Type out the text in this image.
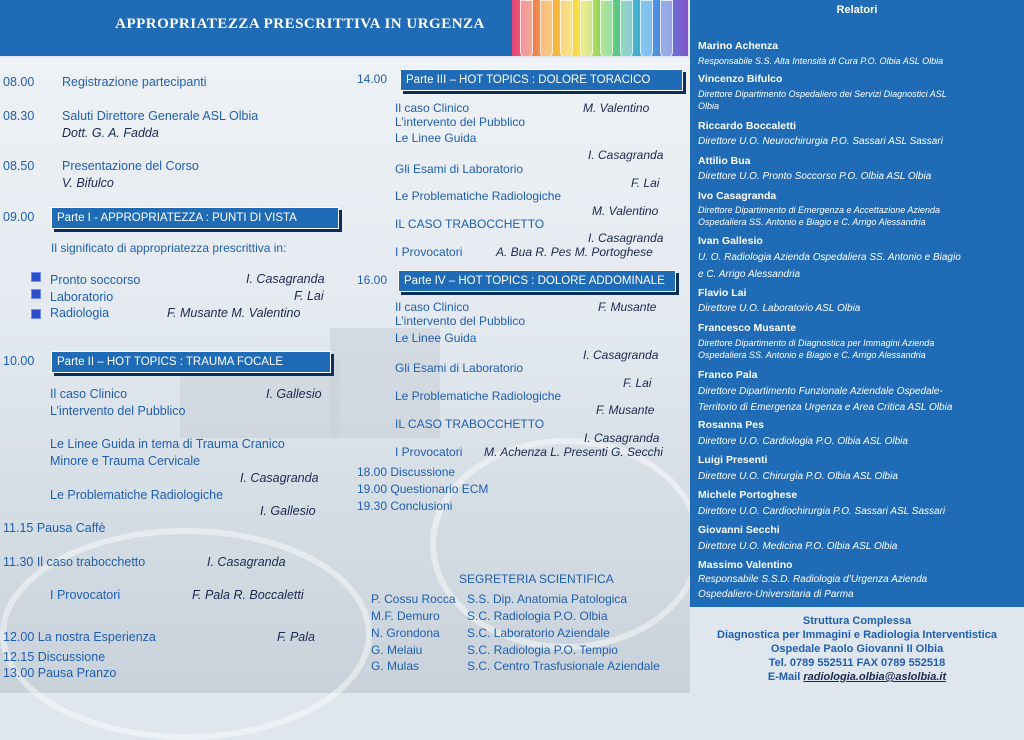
APPROPRIATEZZA PRESCRITTIVA IN URGENZA
08.00 Registrazione partecipanti
08.30 Saluti Direttore Generale ASL Olbia
Dott. G. A. Fadda
08.50 Presentazione del Corso
V. Bifulco
09.00	Parte I - APPROPRIATEZZA : PUNTI DI VISTA
Il significato di appropriatezza prescrittiva in:
Pronto soccorso	I. Casagranda
Laboratorio	F. Lai
Radiologia	F. Musante M. Valentino
10.00	Parte II – HOT TOPICS : TRAUMA FOCALE
Il caso Clinico	I. Gallesio
L’intervento del Pubblico
Le Linee Guida in tema di Trauma Cranico
Minore e Trauma Cervicale
I. Casagranda
Le Problematiche Radiologiche
I. Gallesio
11.15 Pausa Caffè
11.30 Il caso trabocchetto	I. Casagranda
I Provocatori	F. Pala R. Boccaletti
12.00 La nostra Esperienza	F. Pala
12.15 Discussione
13.00 Pausa Pranzo
14.00	Parte III – HOT TOPICS : DOLORE TORACICO
Il caso Clinico	M. Valentino
L’intervento del Pubblico
Le Linee Guida
I. Casagranda
Gli Esami di Laboratorio
F. Lai
Le Problematiche Radiologiche
M. Valentino
IL CASO TRABOCCHETTO
I. Casagranda
I Provocatori	A. Bua R. Pes M. Portoghese
16.00	Parte IV – HOT TOPICS : DOLORE ADDOMINALE
Il caso Clinico	F. Musante
L’intervento del Pubblico
Le Linee Guida
I. Casagranda
Gli Esami di Laboratorio
F. Lai
Le Problematiche Radiologiche
F. Musante
IL CASO TRABOCCHETTO
I. Casagranda
I Provocatori M. Achenza L. Presenti G. Secchi
18.00 Discussione
19.00 Questionario ECM
19.30 Conclusioni
SEGRETERIA SCIENTIFICA
P. Cossu Rocca S.S. Dip. Anatomia Patologica
M.F. Demuro S.C. Radiologia P.O. Olbia
N. Grondona S.C. Laboratorio Aziendale
G. Melaiu	S.C. Radiologia P.O. Tempio
G. Mulas	S.C. Centro Trasfusionale Aziendale
Relatori
Marino Achenza
Responsabile S.S. Alta Intensità di Cura P.O. Olbia ASL Olbia
Vincenzo Bifulco
Direttore Dipartimento Ospedaliero dei Servizi Diagnostici ASL
Olbia
Riccardo Boccaletti
Direttore U.O. Neurochirurgia P.O. Sassari ASL Sassari
Attilio Bua
Direttore U.O. Pronto Soccorso P.O. Olbia ASL Olbia
Ivo Casagranda
Direttore Dipartimento di Emergenza e Accettazione Azienda
Ospedaliera SS. Antonio e Biagio e C. Arrigo Alessandria
Ivan Gallesio
U. O. Radiologia Azienda Ospedaliera SS. Antonio e Biagio
e C. Arrigo Alessandria
Flavio Lai
Direttore U.O. Laboratorio ASL Olbia
Francesco Musante
Direttore Dipartimento di Diagnostica per Immagini Azienda
Ospedaliera SS. Antonio e Biagio e C. Arrigo Alessandria
Franco Pala
Direttore Dipartimento Funzionale Aziendale Ospedale-
Territorio di Emergenza Urgenza e Area Critica ASL Olbia
Rosanna Pes
Direttore U.O. Cardiologia P.O. Olbia ASL Olbia
Luigi Presenti
Direttore U.O. Chirurgia P.O. Olbia ASL Olbia
Michele Portoghese
Direttore U.O. Cardiochirurgia P.O. Sassari ASL Sassari
Giovanni Secchi
Direttore U.O. Medicina P.O. Olbia ASL Olbia
Massimo Valentino
Responsabile S.S.D. Radiologia d’Urgenza Azienda
Ospedaliero-Universitaria di Parma
Struttura Complessa
Diagnostica per Immagini e Radiologia Interventistica
Ospedale Paolo Giovanni II Olbia
Tel. 0789 552511 FAX 0789 552518
E-Mail radiologia.olbia@aslolbia.it
